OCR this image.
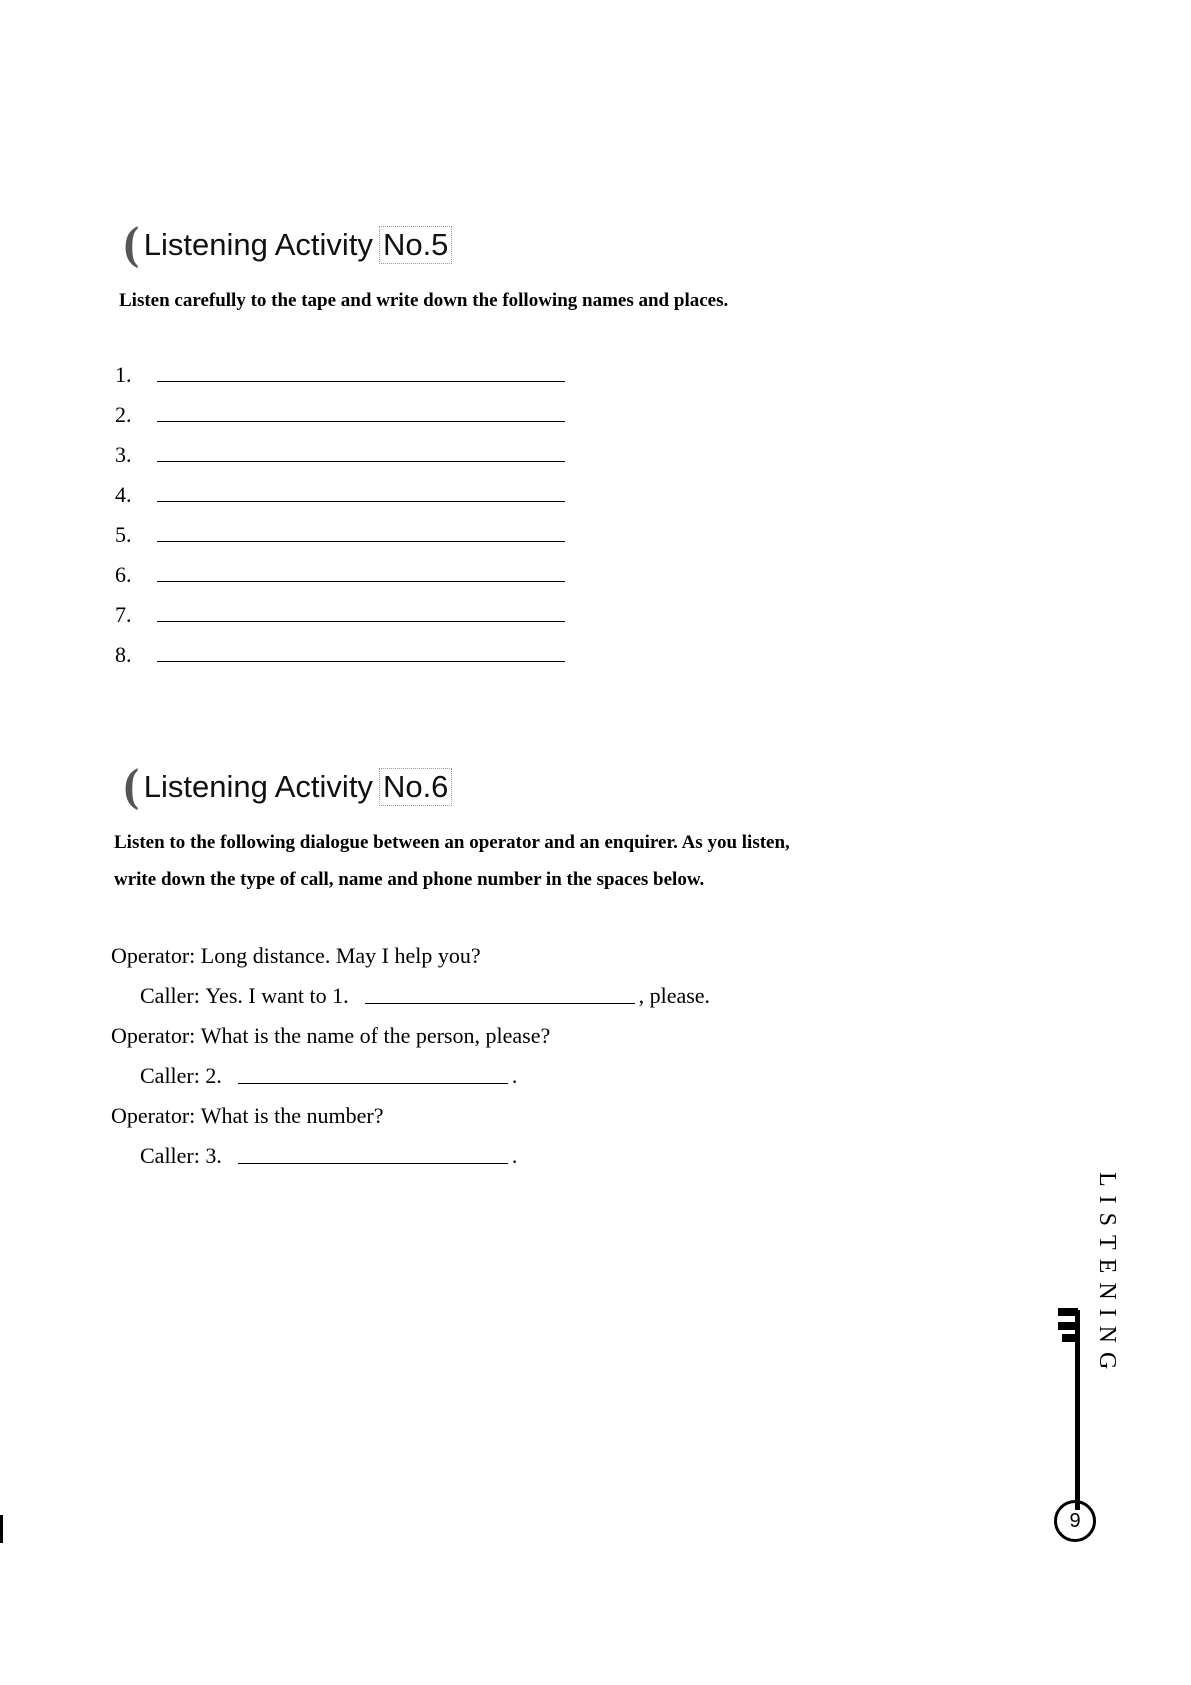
( Listening Activity No.5
Listen carefully to the tape and write down the following names and places.
1.
2.
3.
4.
5.
6.
7.
8.
( Listening Activity No.6
Listen to the following dialogue between an operator and an enquirer. As you listen,
write down the type of call, name and phone number in the spaces below.
Operator:
Long distance. May I help you?
Caller:
Yes. I want to 1.	, please.
Operator:
What is the name of the person, please?
Caller:
2.	.
Operator:
What is the number?
Caller:
3.	.
LISTENING
9
